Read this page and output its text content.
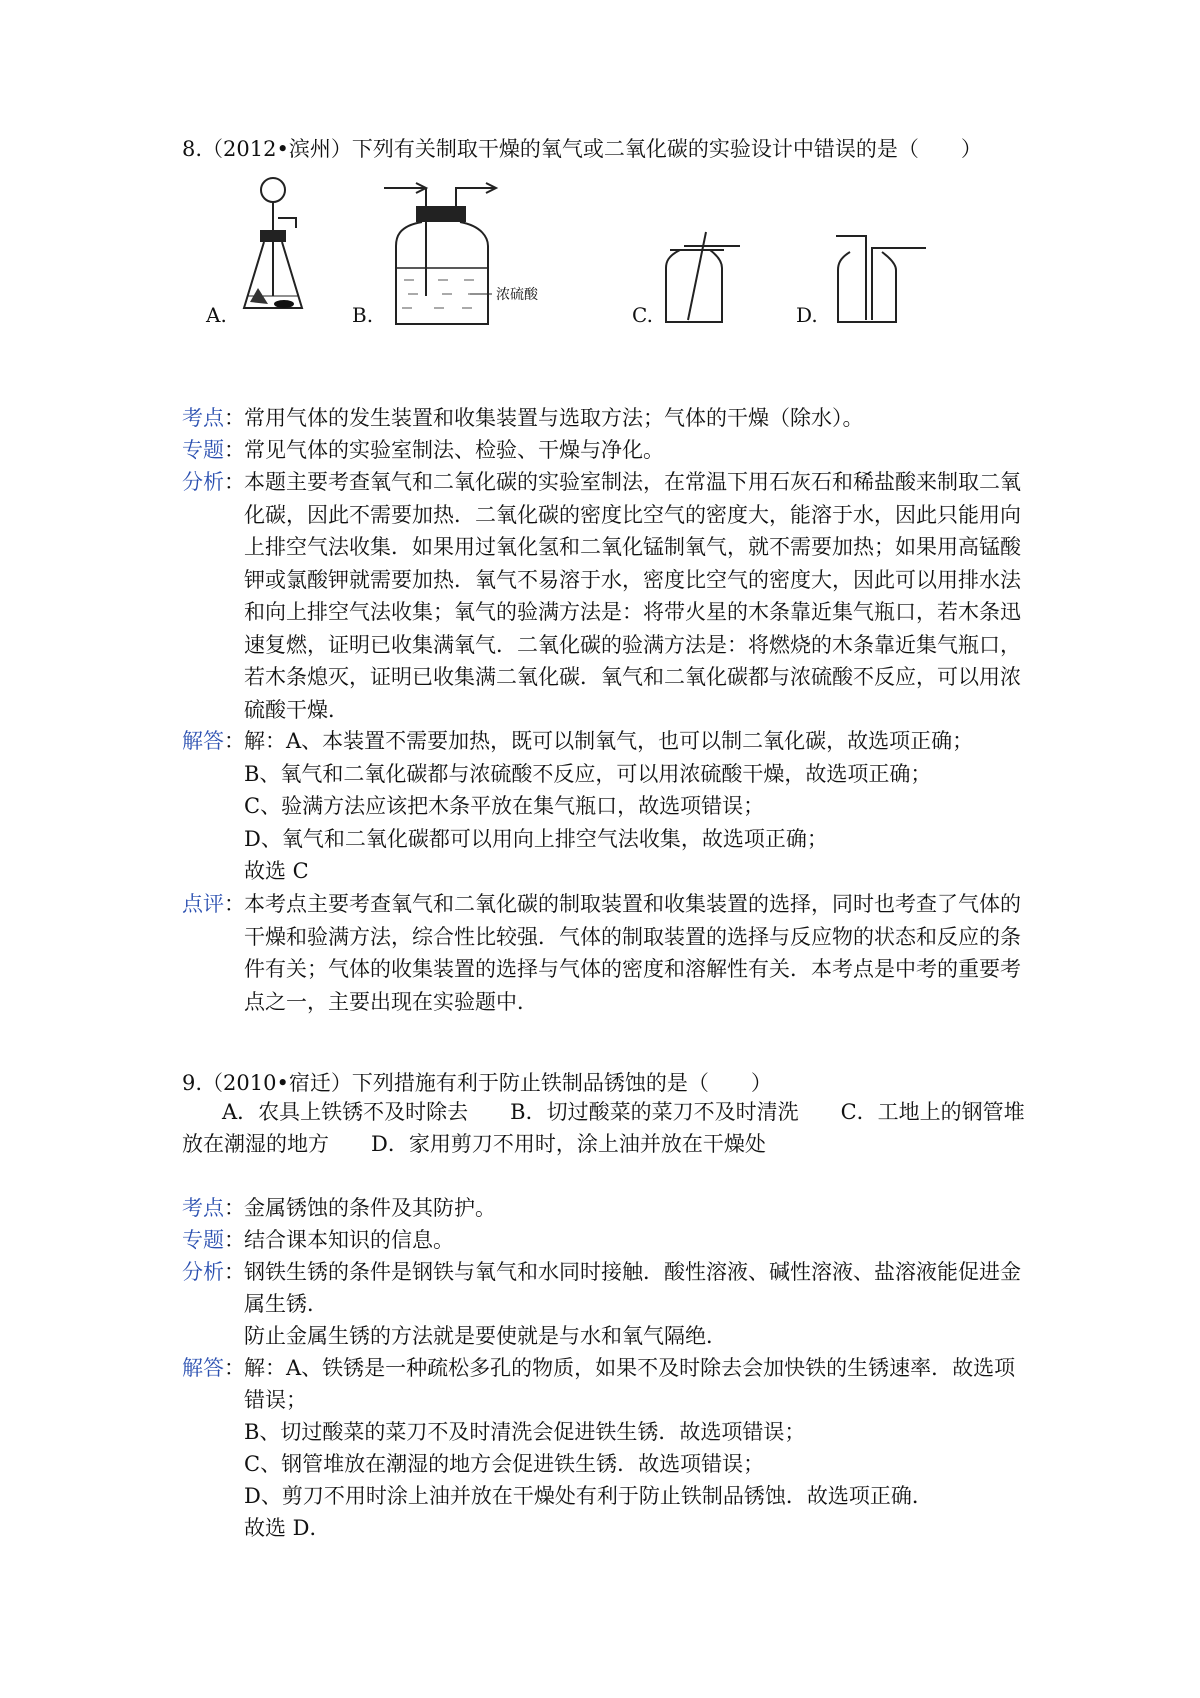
8.（2012•滨州）下列有关制取干燥的氧气或二氧化碳的实验设计中错误的是（　　）
A.
浓硫酸
B.	C.	D.
考点： 常用气体的发生装置和收集装置与选取方法；气体的干燥（除水）。
专题： 常见气体的实验室制法、检验、干燥与净化。
分析： 本题主要考查氧气和二氧化碳的实验室制法，在常温下用石灰石和稀盐酸来制取二氧
化碳，因此不需要加热．二氧化碳的密度比空气的密度大，能溶于水，因此只能用向
上排空气法收集．如果用过氧化氢和二氧化锰制氧气，就不需要加热；如果用高锰酸
钾或氯酸钾就需要加热．氧气不易溶于水，密度比空气的密度大，因此可以用排水法
和向上排空气法收集；氧气的验满方法是：将带火星的木条靠近集气瓶口，若木条迅
速复燃，证明已收集满氧气．二氧化碳的验满方法是：将燃烧的木条靠近集气瓶口，
若木条熄灭，证明已收集满二氧化碳．氧气和二氧化碳都与浓硫酸不反应，可以用浓
硫酸干燥．
解答： 解：A、本装置不需要加热，既可以制氧气，也可以制二氧化碳，故选项正确；
B、氧气和二氧化碳都与浓硫酸不反应，可以用浓硫酸干燥，故选项正确；
C、验满方法应该把木条平放在集气瓶口，故选项错误；
D、氧气和二氧化碳都可以用向上排空气法收集，故选项正确；
故选 C
点评： 本考点主要考查氧气和二氧化碳的制取装置和收集装置的选择，同时也考查了气体的
干燥和验满方法，综合性比较强．气体的制取装置的选择与反应物的状态和反应的条
件有关；气体的收集装置的选择与气体的密度和溶解性有关．本考点是中考的重要考
点之一，主要出现在实验题中．
9.（2010•宿迁）下列措施有利于防止铁制品锈蚀的是（　　）
A．农具上铁锈不及时除去　　B．切过酸菜的菜刀不及时清洗　　C．工地上的钢管堆
放在潮湿的地方　　D．家用剪刀不用时，涂上油并放在干燥处
考点： 金属锈蚀的条件及其防护。
专题： 结合课本知识的信息。
分析： 钢铁生锈的条件是钢铁与氧气和水同时接触．酸性溶液、碱性溶液、盐溶液能促进金
属生锈．
防止金属生锈的方法就是要使就是与水和氧气隔绝．
解答： 解：A、铁锈是一种疏松多孔的物质，如果不及时除去会加快铁的生锈速率．故选项
错误；
B、切过酸菜的菜刀不及时清洗会促进铁生锈．故选项错误；
C、钢管堆放在潮湿的地方会促进铁生锈．故选项错误；
D、剪刀不用时涂上油并放在干燥处有利于防止铁制品锈蚀．故选项正确．
故选 D．
